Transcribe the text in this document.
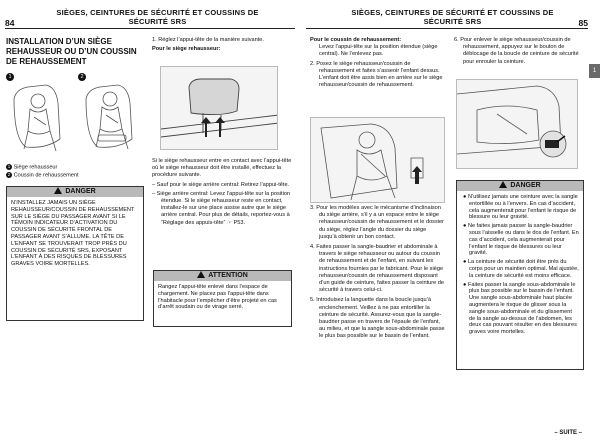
84
SIÈGES, CEINTURES DE SÉCURITÉ ET COUSSINS DE
SÉCURITÉ SRS
INSTALLATION D’UN SIÈGE REHAUSSEUR OU D’UN COUSSIN DE REHAUSSEMENT
1	2
1 Siège rehausseur
2 Coussin de rehaussement
DANGER
N’INSTALLEZ JAMAIS UN SIÈGE REHAUSSEUR/COUSSIN DE REHAUSSEMENT SUR LE SIÈGE DU PASSAGER AVANT SI LE TÉMOIN INDICATEUR D’ACTIVATION DU COUSSIN DE SÉCURITÉ FRONTAL DE PASSAGER AVANT S’ALLUME. LA TÊTE DE L’ENFANT SE TROUVERAIT TROP PRÈS DU COUSSIN DE SÉCURITÉ SRS, EXPOSANT L’ENFANT À DES RISQUES DE BLESSURES GRAVES VOIRE MORTELLES.
1. Réglez l’appui-tête de la manière suivante.
Pour le siège rehausseur:
Si le siège rehausseur entre en contact avec l’appui-tête où le siège rehausseur doit être installé, effectuez la procédure suivante.
– Sauf pour le siège arrière central: Retirez l’appui-tête.
– Siège arrière central: Levez l’appui-tête sur la position étendue. Si le siège rehausseur reste en contact, installez-le sur une place assise autre que le siège arrière central. Pour plus de détails, reportez-vous à “Réglage des appuis-tête” ☞ P53.
ATTENTION
Rangez l’appui-tête enlevé dans l’espace de chargement. Ne placez pas l’appui-tête dans l’habitacle pour l’empêcher d’être projeté en cas d’arrêt soudain ou de virage serré.
85
SIÈGES, CEINTURES DE SÉCURITÉ ET COUSSINS DE
SÉCURITÉ SRS
1
Pour le coussin de rehaussement:
Levez l’appui-tête sur la position étendue (siège central). Ne l’enlevez pas.
2. Posez le siège rehausseur/coussin de rehaussement et faites s’asseoir l’enfant dessus. L’enfant doit être assis bien en arrière sur le siège rehausseur/coussin de rehaussement.
3. Pour les modèles avec le mécanisme d’inclinaison du siège arrière, s’il y a un espace entre le siège rehausseur/coussin de rehaussement et le dossier du siège, réglez l’angle du dossier du siège jusqu’à obtenir un bon contact.
4. Faites passer la sangle-baudrier et abdominale à travers le siège rehausseur ou autour du coussin de rehaussement et de l’enfant, en suivant les instructions fournies par le fabricant. Pour le siège rehausseur/coussin de rehaussement disposant d’un guide de ceinture, faites passer la ceinture de sécurité à travers celui-ci.
5. Introduisez la languette dans la boucle jusqu’à enclenchement. Veillez à ne pas entortiller la ceinture de sécurité. Assurez-vous que la sangle-baudrier passe en travers de l’épaule de l’enfant, au milieu, et que la sangle sous-abdominale passe le plus bas possible sur le bassin de l’enfant.
6. Pour enlever le siège rehausseur/coussin de rehaussement, appuyez sur le bouton de déblocage de la boucle de ceinture de sécurité pour enrouler la ceinture.
DANGER
● N’utilisez jamais une ceinture avec la sangle entortillée ou à l’envers. En cas d’accident, cela augmenterait pour l’enfant le risque de blessure ou leur gravité.
● Ne faites jamais passer la sangle-baudrier sous l’aisselle ou dans le dos de l’enfant. En cas d’accident, cela augmenterait pour l’enfant le risque de blessures ou leur gravité.
● La ceinture de sécurité doit être près du corps pour un maintien optimal. Mal ajustée, la ceinture de sécurité est moins efficace.
● Faites passer la sangle sous-abdominale le plus bas possible sur le bassin de l’enfant. Une sangle sous-abdominale haut placée augmentera le risque de glisser sous la sangle sous-abdominale et du glissement de la sangle au-dessus de l’abdomen, les deux cas pouvant résulter en des blessures graves voire mortelles.
– SUITE –
